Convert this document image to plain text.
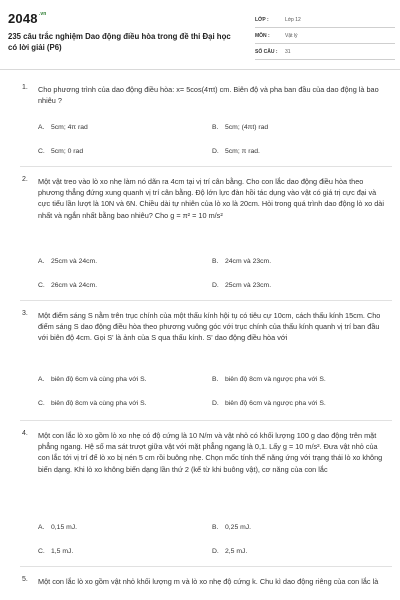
$2048^{.vn}$
235 câu trắc nghiệm Dao động điều hòa trong đề thi Đại học có lời giải (P6)
LỚP :	Lớp 12
MÔN :	Vật lý
SỐ CÂU : 31
1. Cho phương trình của dao động điều hòa: x= 5cos(4πt) cm. Biên độ và pha ban đầu của dao động là bao nhiêu ?
A. 5cm; 4π rad	B. 5cm; (4πt) rad
C. 5cm; 0 rad	D. 5cm; π rad.
2. Một vật treo vào lò xo nhẹ làm nó dãn ra 4cm tại vị trí cân bằng. Cho con lắc dao động điều hòa theo phương thẳng đứng xung quanh vị trí cân bằng. Độ lớn lực đàn hồi tác dụng vào vật có giá trị cực đại và cực tiểu lần lượt là 10N và 6N. Chiều dài tự nhiên của lò xo là 20cm. Hỏi trong quá trình dao động lò xo dài nhất và ngắn nhất bằng bao nhiêu? Cho g = π² = 10 m/s²
A. 25cm và 24cm.	B. 24cm và 23cm.
C. 26cm và 24cm.	D. 25cm và 23cm.
3. Một điểm sáng S nằm trên trục chính của một thấu kính hội tụ có tiêu cự 10cm, cách thấu kính 15cm. Cho điểm sáng S dao động điều hòa theo phương vuông góc với trục chính của thấu kính quanh vị trí ban đầu với biên độ 4cm. Gọi S' là ảnh của S qua thấu kính. S' dao động điều hòa với
A. biên độ 6cm và cùng pha với S.	B. biên độ 8cm và ngược pha với S.
C. biên độ 8cm và cùng pha với S.	D. biên độ 6cm và ngược pha với S.
4. Một con lắc lò xo gồm lò xo nhẹ có độ cứng là 10 N/m và vật nhỏ có khối lượng 100 g dao động trên mặt phẳng ngang. Hệ số ma sát trượt giữa vật với mặt phẳng ngang là 0,1. Lấy g = 10 m/s². Đưa vật nhỏ của con lắc tới vị trí để lò xo bị nén 5 cm rồi buông nhẹ. Chọn mốc tính thế năng ứng với trạng thái lò xo không biến dạng. Khi lò xo không biến dạng lần thứ 2 (kể từ khi buông vật), cơ năng của con lắc
A. 0,15 mJ.	B. 0,25 mJ.
C. 1,5 mJ.	D. 2,5 mJ.
5. Một con lắc lò xo gồm vật nhỏ khối lượng m và lò xo nhẹ độ cứng k. Chu kì dao động riêng của con lắc là
